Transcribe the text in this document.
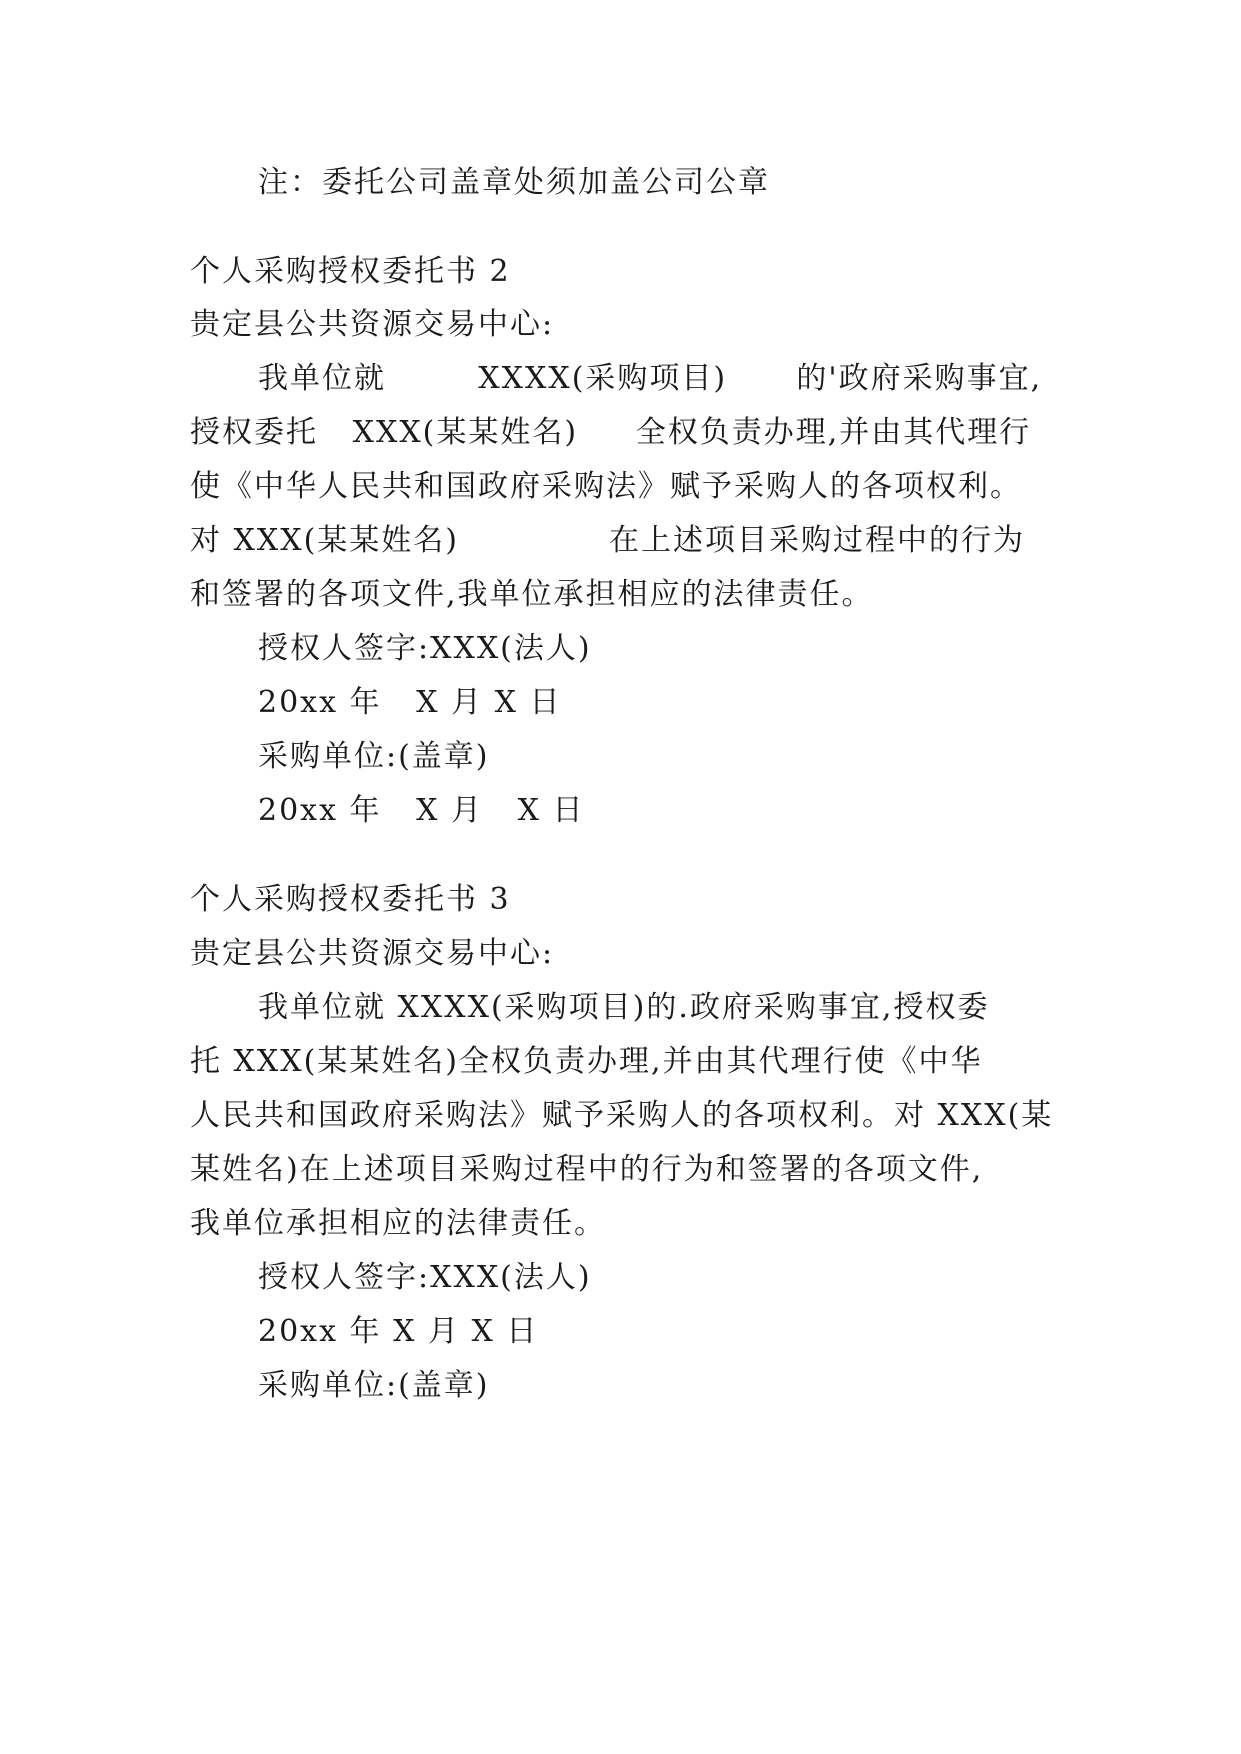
注：委托公司盖章处须加盖公司公章
个人采购授权委托书 2
贵定县公共资源交易中心:
我单位就        XXXX(采购项目)      的'政府采购事宜,
授权委托   XXX(某某姓名)     全权负责办理,并由其代理行
使《中华人民共和国政府采购法》赋予采购人的各项权利。
对 XXX(某某姓名)             在上述项目采购过程中的行为
和签署的各项文件,我单位承担相应的法律责任。
授权人签字:XXX(法人)
20xx 年   X 月 X 日
采购单位:(盖章)
20xx 年   X 月   X 日
个人采购授权委托书 3
贵定县公共资源交易中心:
我单位就 XXXX(采购项目)的.政府采购事宜,授权委
托 XXX(某某姓名)全权负责办理,并由其代理行使《中华
人民共和国政府采购法》赋予采购人的各项权利。对 XXX(某
某姓名)在上述项目采购过程中的行为和签署的各项文件,
我单位承担相应的法律责任。
授权人签字:XXX(法人)
20xx 年 X 月 X 日
采购单位:(盖章)
